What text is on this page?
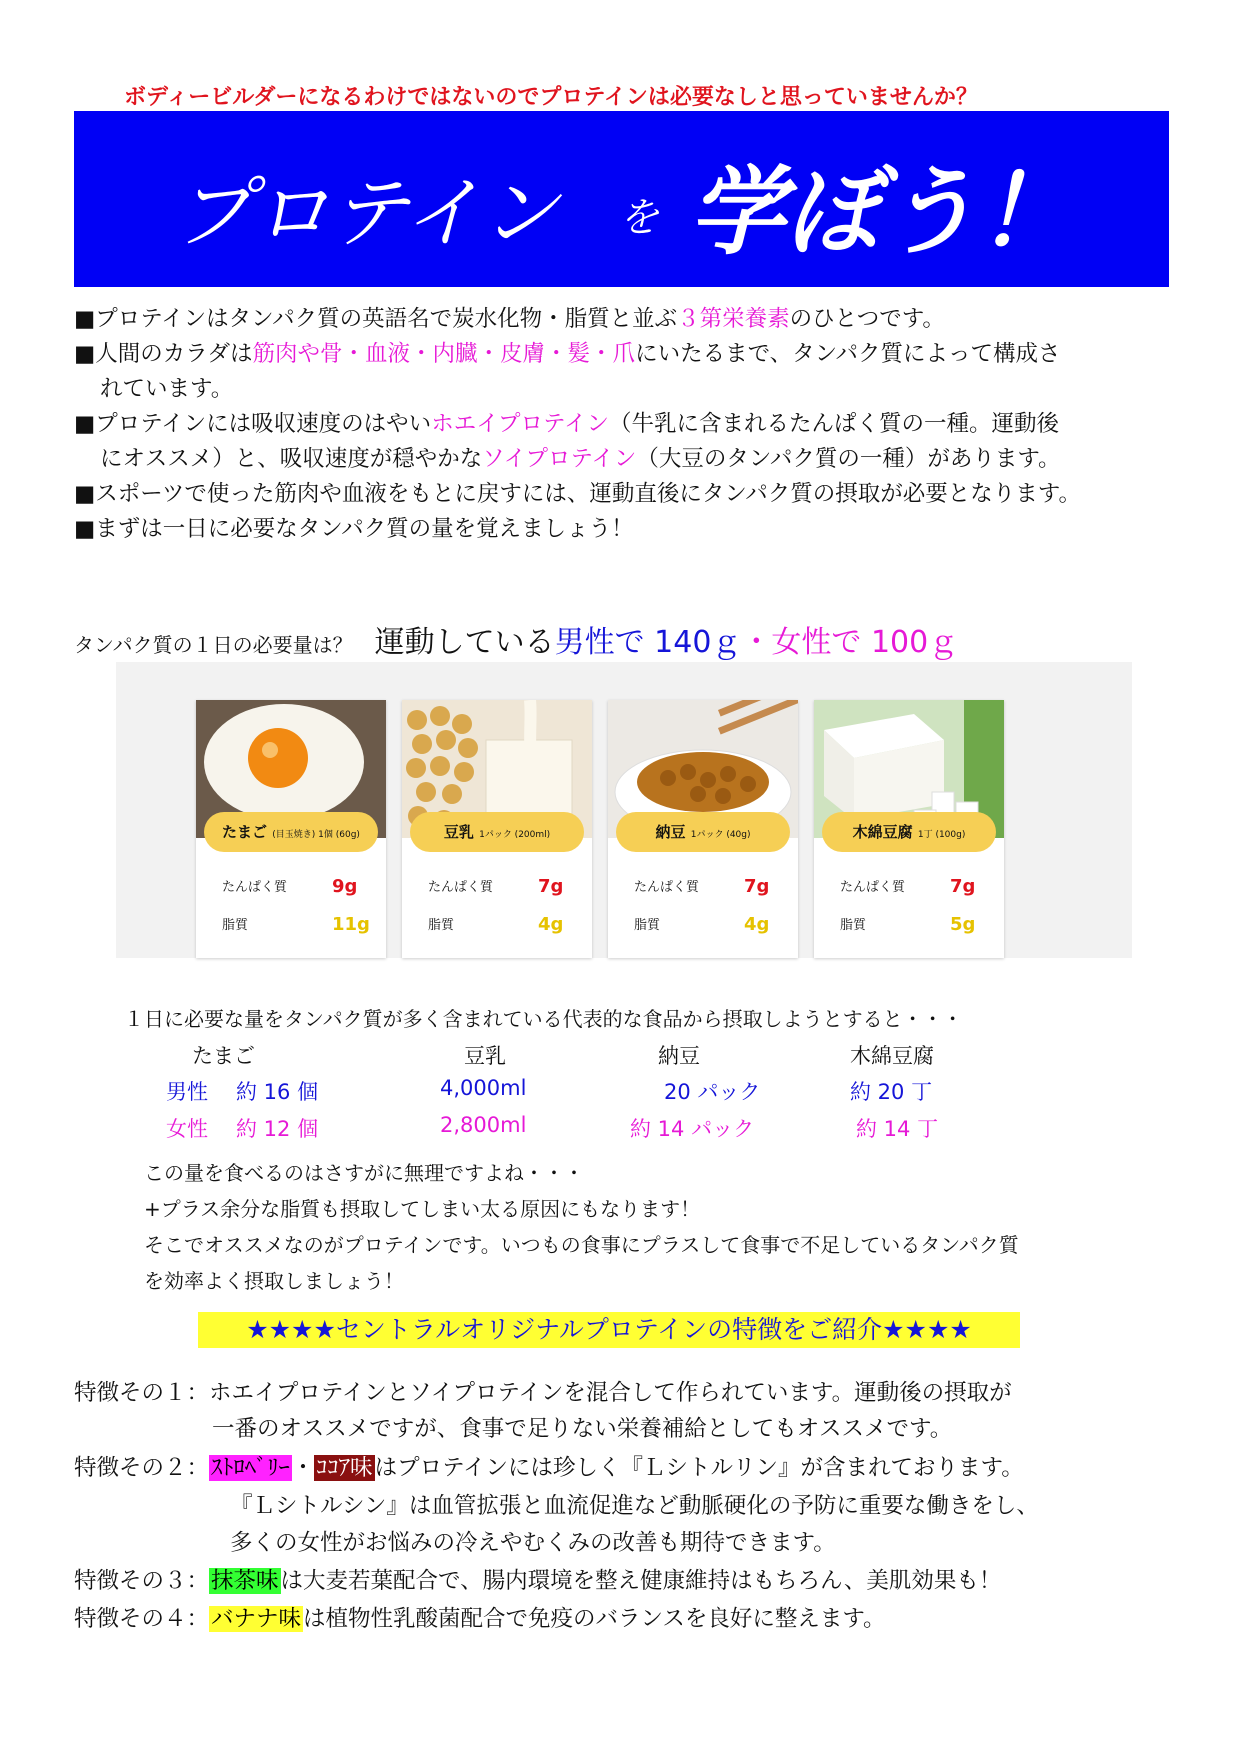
ボディービルダーになるわけではないのでプロテインは必要なしと思っていませんか？
プロテイン を 学ぼう！

■プロテインはタンパク質の英語名で炭水化物・脂質と並ぶ３第栄養素のひとつです。

■人間のカラダは筋肉や骨・血液・内臓・皮膚・髪・爪にいたるまで、タンパク質によって構成さ

れています。

■プロテインには吸収速度のはやいホエイプロテイン（牛乳に含まれるたんぱく質の一種。運動後

にオススメ）と、吸収速度が穏やかなソイプロテイン（大豆のタンパク質の一種）があります。

■スポーツで使った筋肉や血液をもとに戻すには、運動直後にタンパク質の摂取が必要となります。

■まずは一日に必要なタンパク質の量を覚えましょう！

タンパク質の１日の必要量は？ 運動している男性で 140ｇ・女性で 100ｇ
たまご (目玉焼き) 1個 (60g)
たんぱく質 9g
脂質	11g
豆乳 1パック (200ml)
たんぱく質 7g
脂質	4g
納豆 1パック (40g)
たんぱく質 7g
脂質	4g
木綿豆腐 1丁 (100g)
たんぱく質 7g
脂質	5g
１日に必要な量をタンパク質が多く含まれている代表的な食品から摂取しようとすると・・・
たまご	豆乳	納豆	木綿豆腐
男性 約 16 個	4,000ml	20 パック	約 20 丁
女性 約 12 個	2,800ml	約 14 パック	約 14 丁
この量を食べるのはさすがに無理ですよね・・・
+プラス余分な脂質も摂取してしまい太る原因にもなります！
そこでオススメなのがプロテインです。いつもの食事にプラスして食事で不足しているタンパク質
を効率よく摂取しましょう！
★★★★セントラルオリジナルプロテインの特徴をご紹介★★★★
特徴その１：ホエイプロテインとソイプロテインを混合して作られています。運動後の摂取が
一番のオススメですが、食事で足りない栄養補給としてもオススメです。
特徴その２：ｽﾄﾛﾍﾞﾘｰ・ｺｺｱ味はプロテインには珍しく『Ｌシトルリン』が含まれております。
『Ｌシトルシン』は血管拡張と血流促進など動脈硬化の予防に重要な働きをし、
多くの女性がお悩みの冷えやむくみの改善も期待できます。
特徴その３：抹茶味は大麦若葉配合で、腸内環境を整え健康維持はもちろん、美肌効果も！
特徴その４：バナナ味は植物性乳酸菌配合で免疫のバランスを良好に整えます。
